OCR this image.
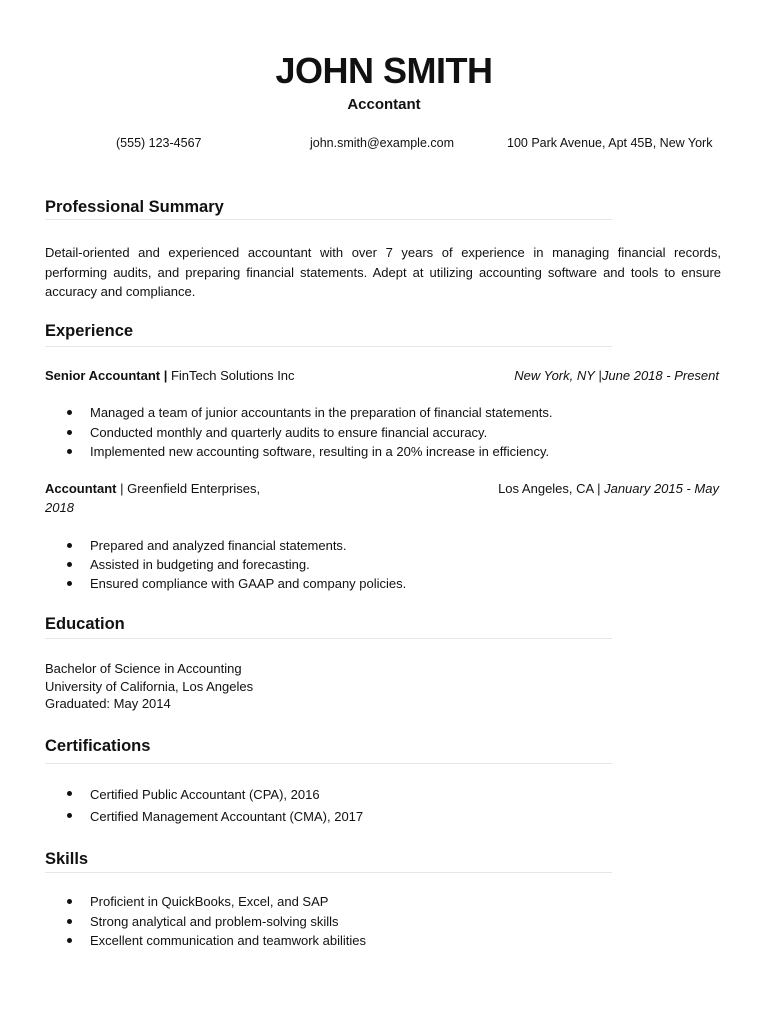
JOHN SMITH
Accontant
(555) 123-4567	john.smith@example.com	100 Park Avenue, Apt 45B, New York
Professional Summary
Detail-oriented and experienced accountant with over 7 years of experience in managing financial records, performing audits, and preparing financial statements. Adept at utilizing accounting software and tools to ensure accuracy and compliance.
Experience
Senior Accountant | FinTech Solutions Inc	New York, NY |June 2018 - Present
Managed a team of junior accountants in the preparation of financial statements.
Conducted monthly and quarterly audits to ensure financial accuracy.
Implemented new accounting software, resulting in a 20% increase in efficiency.
Accountant | Greenfield Enterprises,	Los Angeles, CA | January 2015 - May
2018
Prepared and analyzed financial statements.
Assisted in budgeting and forecasting.
Ensured compliance with GAAP and company policies.
Education
Bachelor of Science in Accounting
University of California, Los Angeles
Graduated: May 2014
Certifications
Certified Public Accountant (CPA), 2016
Certified Management Accountant (CMA), 2017
Skills
Proficient in QuickBooks, Excel, and SAP
Strong analytical and problem-solving skills
Excellent communication and teamwork abilities
